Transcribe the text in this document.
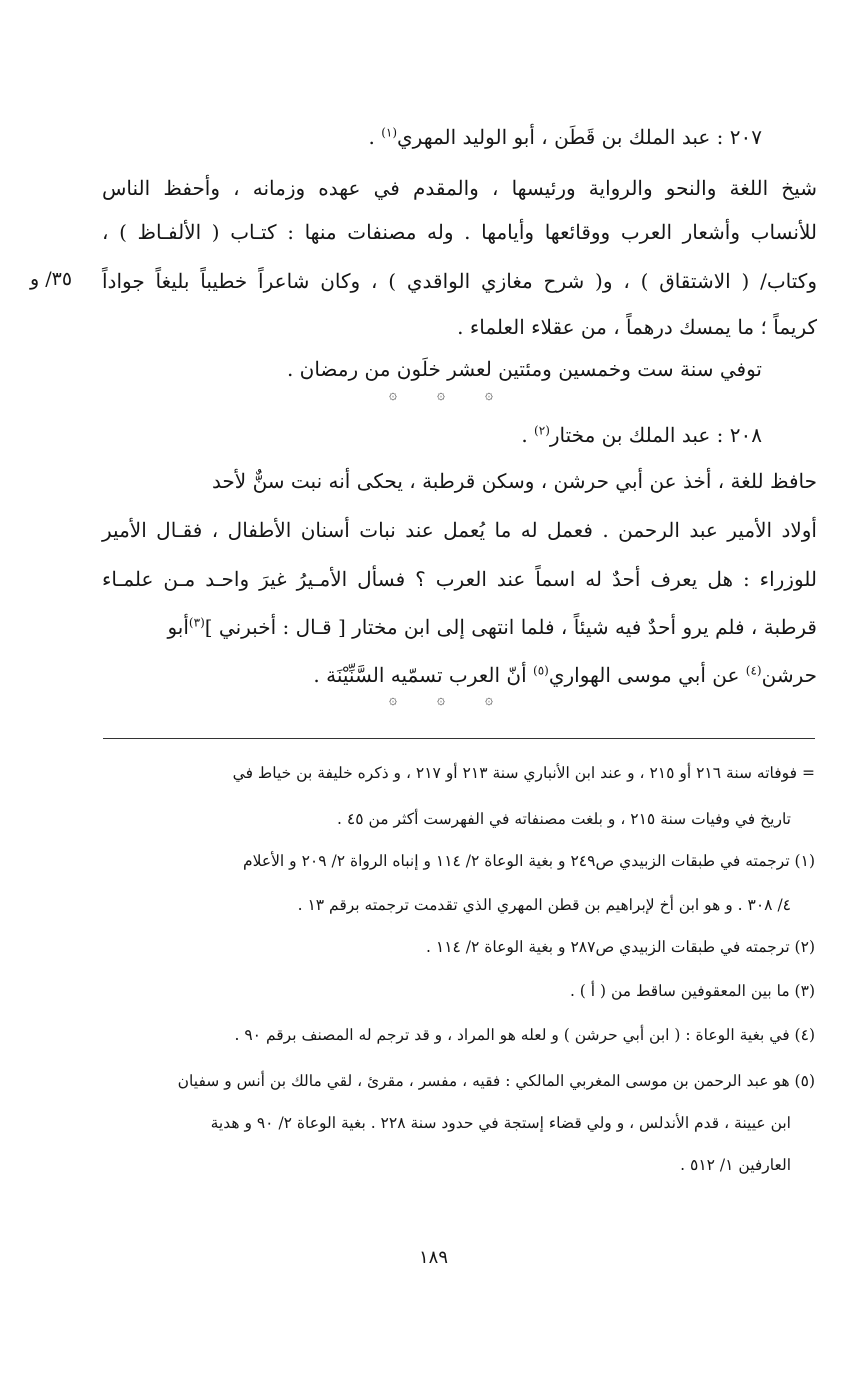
٢٠٧ : عبد الملك بن قَطَن ، أبو الوليد المهري$^{(١)}$ .
شيخ اللغة والنحو والرواية ورئيسها ، والمقدم في عهده وزمانه ، وأحفظ الناس
للأنساب وأشعار العرب ووقائعها وأيامها . وله مصنفات منها : كتـاب ( الألفـاظ ) ،
وكتاب/ ( الاشتقاق ) ، و( شرح مغازي الواقدي ) ، وكان شاعراً خطيباً بليغاً جواداً
٣٥/ و
كريماً ؛ ما يمسك درهماً ، من عقلاء العلماء .
توفي سنة ست وخمسين ومئتين لعشر خلَون من رمضان .
۞	۞	۞
٢٠٨ : عبد الملك بن مختار$^{(٢)}$ .
حافظ للغة ، أخذ عن أبي حرشن ، وسكن قرطبة ، يحكى أنه نبت سنٌّ لأحد
أولاد الأمير عبد الرحمن . فعمل له ما يُعمل عند نبات أسنان الأطفال ، فقـال الأمير
للوزراء : هل يعرف أحدٌ له اسماً عند العرب ؟ فسأل الأمـيرُ غيرَ واحـد مـن علمـاء
قرطبة ، فلم يرو أحدٌ فيه شيئاً ، فلما انتهى إلى ابن مختار [ قـال : أخبرني ]$^{(٣)}$أبو
حرشن$^{(٤)}$ عن أبي موسى الهواري$^{(٥)}$ أنّ العرب تسمّيه السَّنِّيْنَة .
۞	۞	۞
= فوفاته سنة ٢١٦ أو ٢١٥ ، و عند ابن الأنباري سنة ٢١٣ أو ٢١٧ ، و ذكره خليفة بن خياط في
تاريخ في وفيات سنة ٢١٥ ، و بلغت مصنفاته في الفهرست أكثر من ٤٥ .
(١) ترجمته في طبقات الزبيدي ص٢٤٩ و بغية الوعاة ٢/ ١١٤ و إنباه الرواة ٢/ ٢٠٩ و الأعلام
٤/ ٣٠٨ . و هو ابن أخ لإبراهيم بن قطن المهري الذي تقدمت ترجمته برقم ١٣ .
(٢) ترجمته في طبقات الزبيدي ص٢٨٧ و بغية الوعاة ٢/ ١١٤ .
(٣) ما بين المعقوفين ساقط من ( أ ) .
(٤) في بغية الوعاة : ( ابن أبي حرشن ) و لعله هو المراد ، و قد ترجم له المصنف برقم ٩٠ .
(٥) هو عبد الرحمن بن موسى المغربي المالكي : فقيه ، مفسر ، مقرئ ، لقي مالك بن أنس و سفيان
ابن عيينة ، قدم الأندلس ، و ولي قضاء إستجة في حدود سنة ٢٢٨ . بغية الوعاة ٢/ ٩٠ و هدية
العارفين ١/ ٥١٢ .
١٨٩
